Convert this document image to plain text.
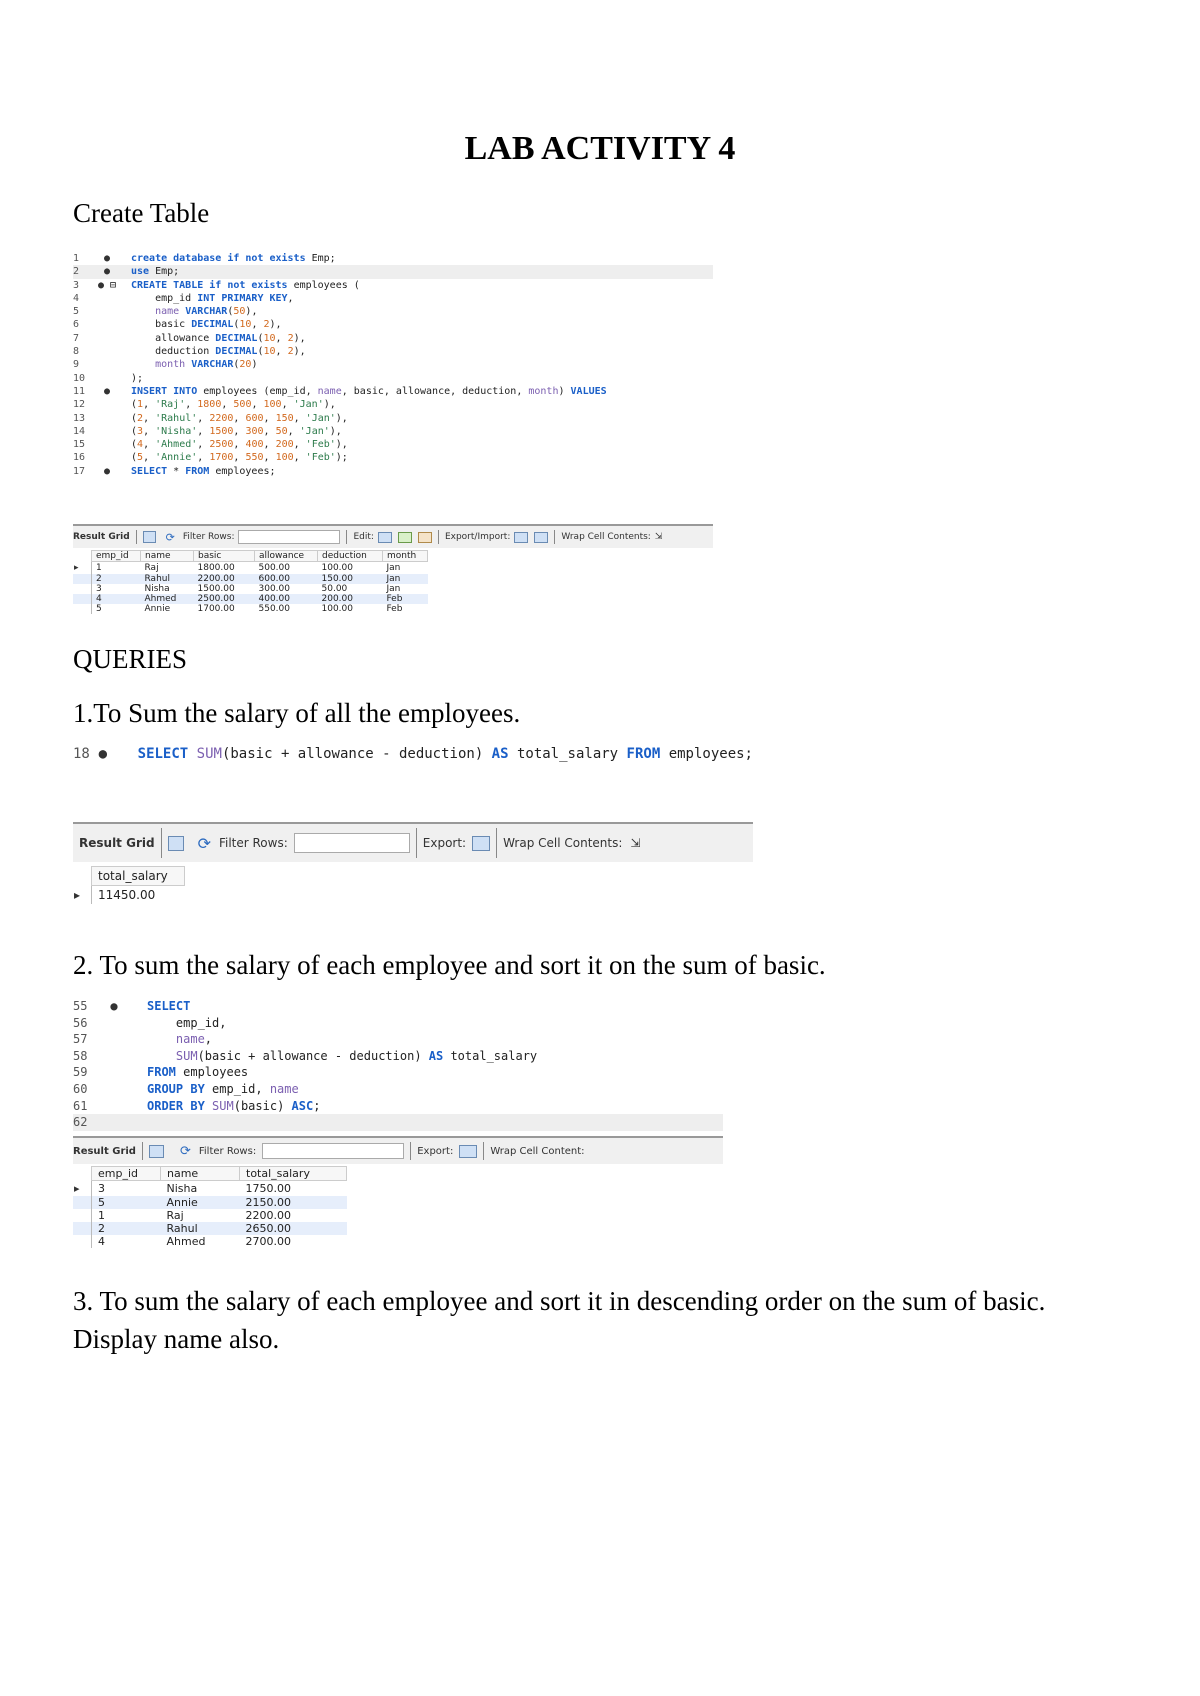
LAB ACTIVITY 4
Create Table
1	●	create database if not exists Emp;
2	●	use Emp;
3	● ⊟ CREATE TABLE if not exists employees (
4	emp_id INT PRIMARY KEY,
5	name VARCHAR(50),
6	basic DECIMAL(10, 2),
7	allowance DECIMAL(10, 2),
8	deduction DECIMAL(10, 2),
9	month VARCHAR(20)
10	);
11	●	INSERT INTO employees (emp_id, name, basic, allowance, deduction, month) VALUES
12	(1, 'Raj', 1800, 500, 100, 'Jan'),
13	(2, 'Rahul', 2200, 600, 150, 'Jan'),
14	(3, 'Nisha', 1500, 300, 50, 'Jan'),
15	(4, 'Ahmed', 2500, 400, 200, 'Feb'),
16	(5, 'Annie', 1700, 550, 100, 'Feb');
17	●	SELECT * FROM employees;
Result Grid	⟳ Filter Rows:	Edit:	Export/Import:	Wrap Cell Contents: ⇲
	emp_id	name	basic	allowance	deduction	month
▸	1	Raj	1800.00	500.00	100.00	Jan
	2	Rahul	2200.00	600.00	150.00	Jan
	3	Nisha	1500.00	300.00	50.00	Jan
	4	Ahmed	2500.00	400.00	200.00	Feb
	5	Annie	1700.00	550.00	100.00	Feb
QUERIES
1.To Sum the salary of all the employees.
18 ●	SELECT SUM(basic + allowance - deduction) AS total_salary FROM employees;
Result Grid	⟳ Filter Rows:	Export:	Wrap Cell Contents: ⇲
	total_salary
▸	11450.00
2. To sum the salary of each employee and sort it on the sum of basic.
55	●	SELECT
56	emp_id,
57	name,
58	SUM(basic + allowance - deduction) AS total_salary
59	FROM employees
60	GROUP BY emp_id, name
61	ORDER BY SUM(basic) ASC;
62
Result Grid	⟳ Filter Rows:	Export:	Wrap Cell Content:
	emp_id	name	total_salary
▸	3	Nisha	1750.00
	5	Annie	2150.00
	1	Raj	2200.00
	2	Rahul	2650.00
	4	Ahmed	2700.00
3. To sum the salary of each employee and sort it in descending order on the sum of basic.
Display name also.
